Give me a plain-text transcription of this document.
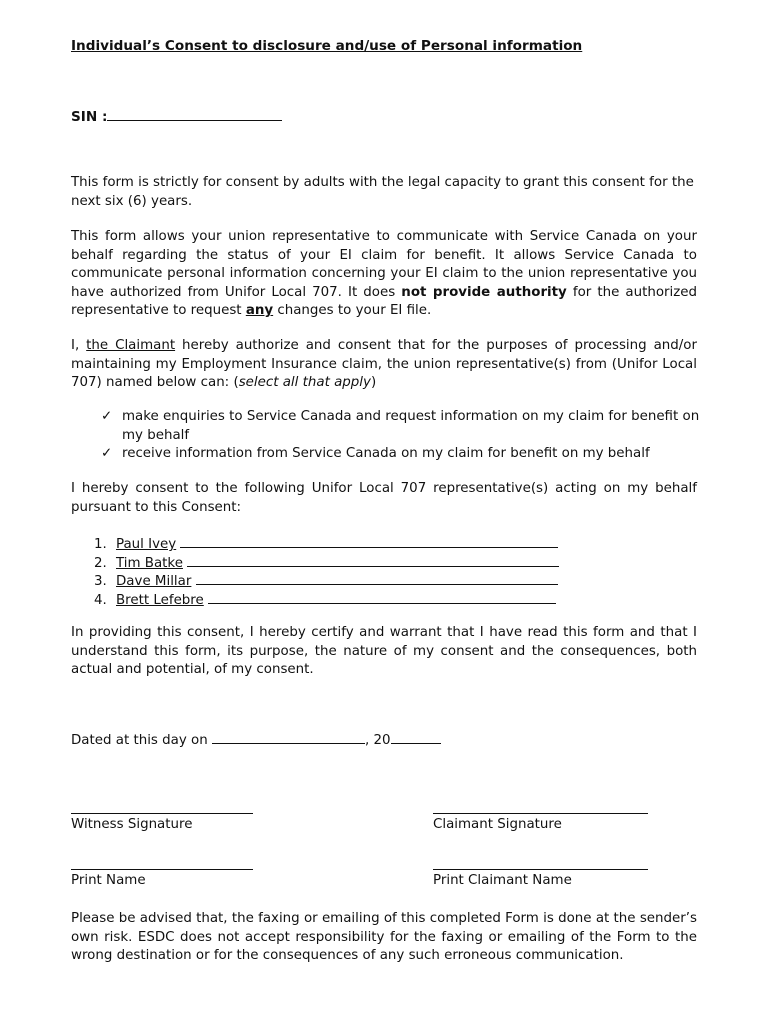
Individual’s Consent to disclosure and/use of Personal information
SIN :

This form is strictly for consent by adults with the legal capacity to grant this consent for the next six (6) years.

This form allows your union representative to communicate with Service Canada on your behalf regarding the status of your EI claim for benefit. It allows Service Canada to communicate personal information concerning your EI claim to the union representative you have authorized from Unifor Local 707. It does not provide authority for the authorized representative to request any changes to your EI file.

I, the Claimant hereby authorize and consent that for the purposes of processing and/or maintaining my Employment Insurance claim, the union representative(s) from (Unifor Local 707) named below can: (select all that apply)

✓ make enquiries to Service Canada and request information on my claim for benefit on my behalf
✓ receive information from Service Canada on my claim for benefit on my behalf

I hereby consent to the following Unifor Local 707 representative(s) acting on my behalf pursuant to this Consent:

1. Paul Ivey
2. Tim Batke
3. Dave Millar
4. Brett Lefebre

In providing this consent, I hereby certify and warrant that I have read this form and that I understand this form, its purpose, the nature of my consent and the consequences, both actual and potential, of my consent.

Dated at this day on	, 20
Witness Signature	Claimant Signature
Print Name	Print Claimant Name

Please be advised that, the faxing or emailing of this completed Form is done at the sender’s own risk. ESDC does not accept responsibility for the faxing or emailing of the Form to the wrong destination or for the consequences of any such erroneous communication.
